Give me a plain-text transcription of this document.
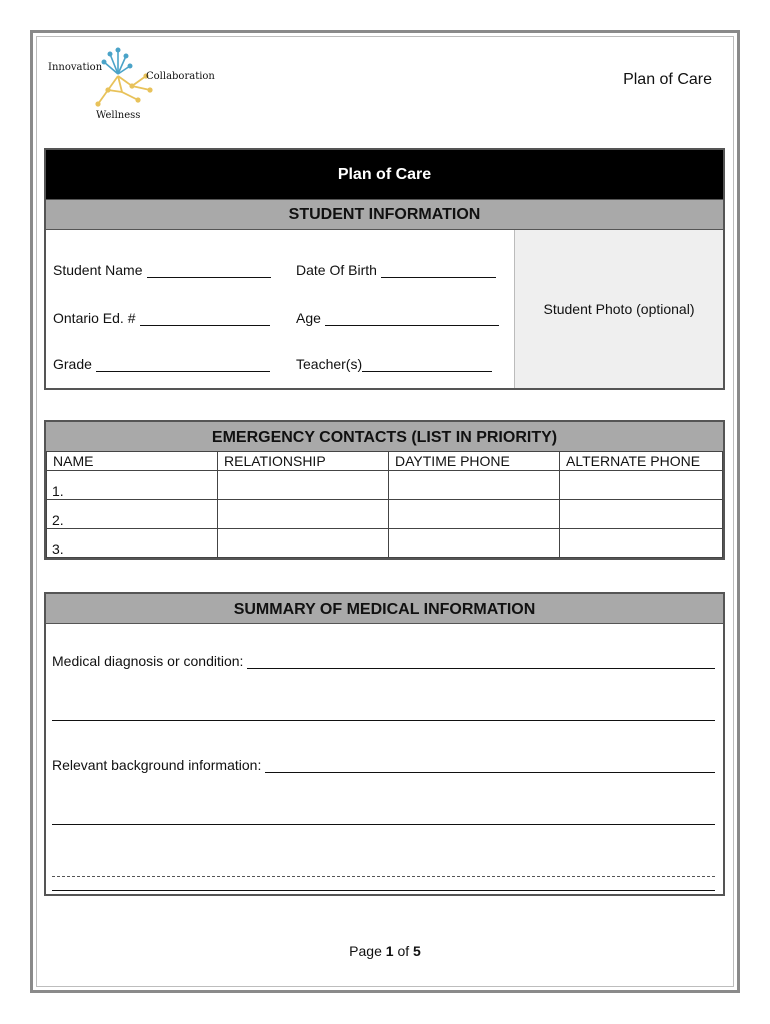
Innovation
Collaboration
Wellness
Plan of Care
Plan of Care
STUDENT INFORMATION
Student Name	Date Of Birth
Ontario Ed. #	Age
Grade	Teacher(s)
Student Photo (optional)
EMERGENCY CONTACTS (LIST IN PRIORITY)
NAME	RELATIONSHIP	DAYTIME PHONE	ALTERNATE PHONE
1.			
2.			
3.			
SUMMARY OF MEDICAL INFORMATION
Medical diagnosis or condition:
Relevant background information:
Page 1 of 5
